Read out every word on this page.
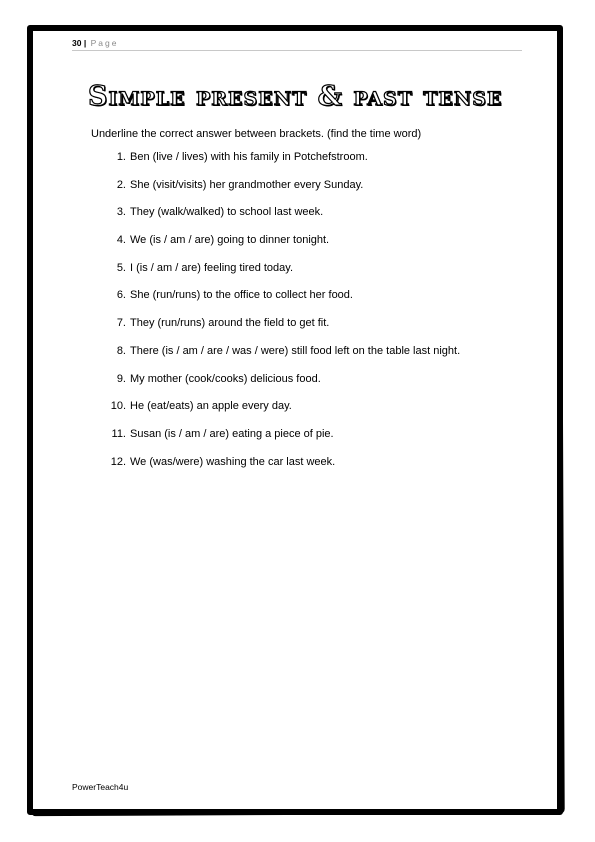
30 | Page
Simple present & past tense
Underline the correct answer between brackets. (find the time word)
1. Ben (live / lives) with his family in Potchefstroom.
2. She (visit/visits) her grandmother every Sunday.
3. They (walk/walked) to school last week.
4. We (is / am / are) going to dinner tonight.
5. I (is / am / are) feeling tired today.
6. She (run/runs) to the office to collect her food.
7. They (run/runs) around the field to get fit.
8. There (is / am / are / was / were) still food left on the table last night.
9. My mother (cook/cooks) delicious food.
10. He (eat/eats) an apple every day.
11. Susan (is / am / are) eating a piece of pie.
12. We (was/were) washing the car last week.
PowerTeach4u
